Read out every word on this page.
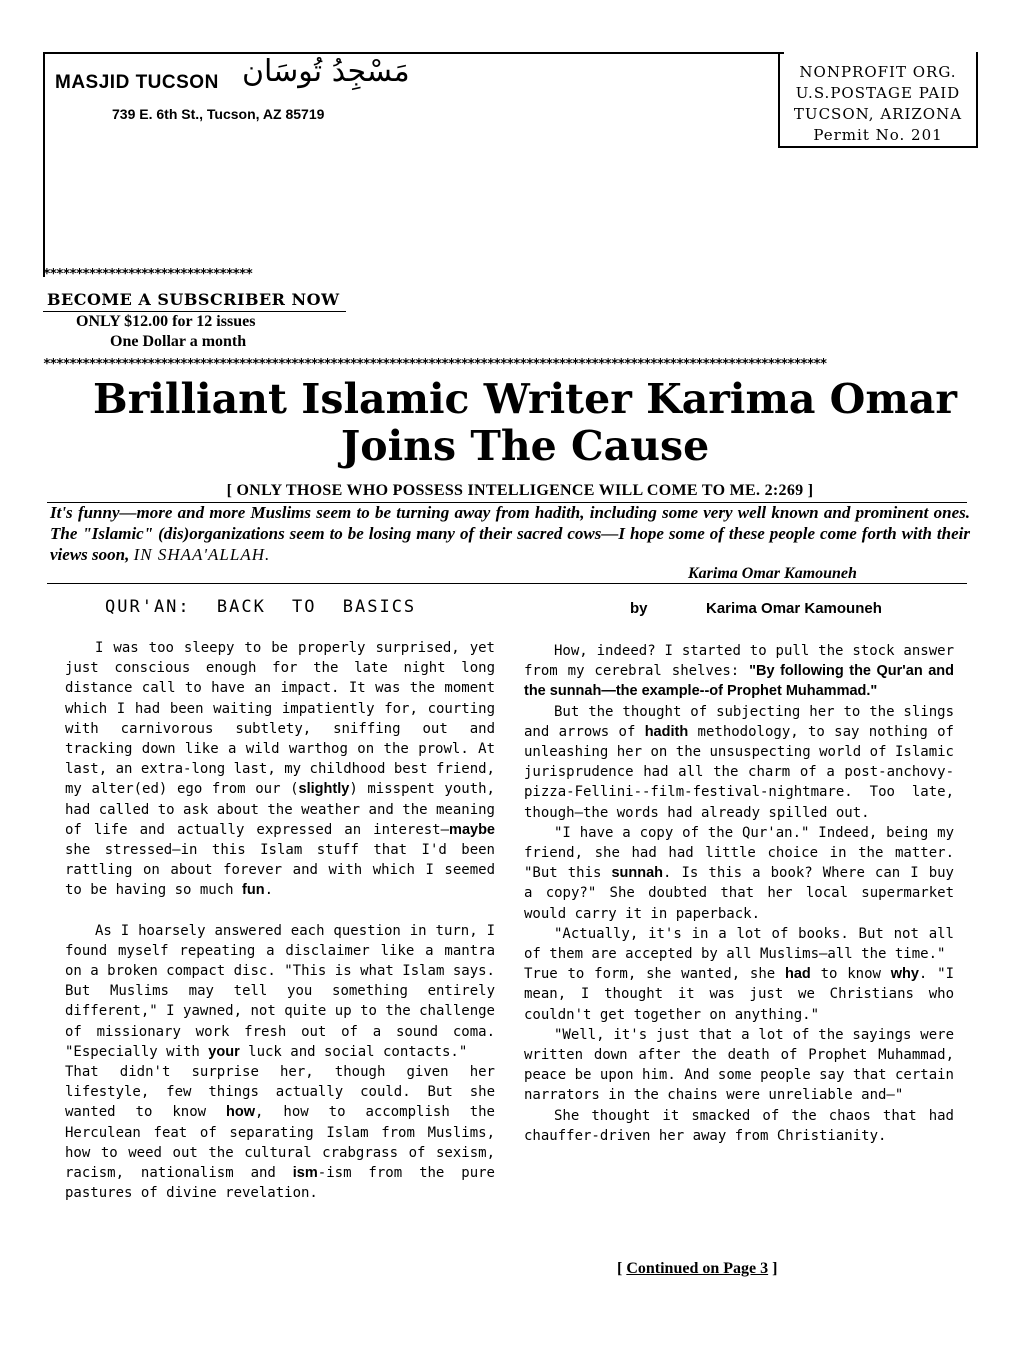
MASJID TUCSON مَسْجِدُ تُوسَان
739 E. 6th St., Tucson, AZ 85719
NONPROFIT ORG.
U.S.POSTAGE PAID
TUCSON, ARIZONA
Permit No. 201
********************************
BECOME A SUBSCRIBER NOW
ONLY $12.00 for 12 issues
One Dollar a month
************************************************************************************************************************
Brilliant Islamic Writer Karima Omar
Joins The Cause
[ ONLY THOSE WHO POSSESS INTELLIGENCE WILL COME TO ME. 2:269 ]
It's funny—more and more Muslims seem to be turning away from hadith, including some very well known and prominent ones. The "Islamic" (dis)organizations seem to be losing many of their sacred cows—I hope some of these people come forth with their views soon, IN SHAA'ALLAH.
Karima Omar Kamouneh
QUR'AN: BACK TO BASICS	by	Karima Omar Kamouneh

I was too sleepy to be properly surprised, yet just conscious enough for the late night long distance call to have an impact. It was the moment which I had been waiting impatiently for, courting with carnivorous subtlety, sniffing out and tracking down like a wild warthog on the prowl. At last, an extra-long last, my childhood best friend, my alter(ed) ego from our (slightly) misspent youth, had called to ask about the weather and the meaning of life and actually expressed an interest—maybe she stressed—in this Islam stuff that I'd been rattling on about forever and with which I seemed to be having so much fun.

As I hoarsely answered each question in turn, I found myself repeating a disclaimer like a mantra on a broken compact disc. "This is what Islam says. But Muslims may tell you something entirely different," I yawned, not quite up to the challenge of missionary work fresh out of a sound coma. "Especially with your luck and social contacts."

That didn't surprise her, though given her lifestyle, few things actually could. But she wanted to know how, how to accomplish the Herculean feat of separating Islam from Muslims, how to weed out the cultural crabgrass of sexism, racism, nationalism and ism-ism from the pure pastures of divine revelation.

How, indeed? I started to pull the stock answer from my cerebral shelves: "By following the Qur'an and the sunnah—the example--of Prophet Muhammad."

But the thought of subjecting her to the slings and arrows of hadith methodology, to say nothing of unleashing her on the unsuspecting world of Islamic jurisprudence had all the charm of a post-anchovy-pizza-Fellini--film-festival-nightmare. Too late, though—the words had already spilled out.

"I have a copy of the Qur'an." Indeed, being my friend, she had had little choice in the matter. "But this sunnah. Is this a book? Where can I buy a copy?" She doubted that her local supermarket would carry it in paperback.

"Actually, it's in a lot of books. But not all of them are accepted by all Muslims—all the time."

True to form, she wanted, she had to know why. "I mean, I thought it was just we Christians who couldn't get together on anything."

"Well, it's just that a lot of the sayings were written down after the death of Prophet Muhammad, peace be upon him. And some people say that certain narrators in the chains were unreliable and—"

She thought it smacked of the chaos that had chauffer-driven her away from Christianity.

[ Continued on Page 3 ]
